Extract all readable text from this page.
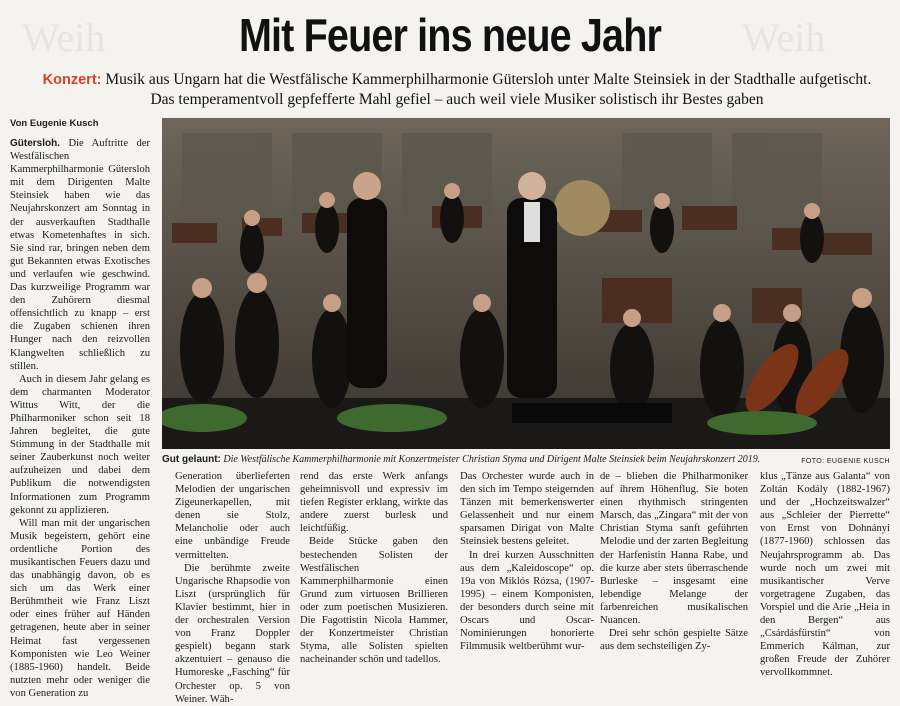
Weih	Weih
Mit Feuer ins neue Jahr
Konzert: Musik aus Ungarn hat die Westfälische Kammerphilharmonie Gütersloh unter Malte Steinsiek in der Stadthalle aufgetischt.
Das temperamentvoll gepfefferte Mahl gefiel – auch weil viele Musiker solistisch ihr Bestes gaben
Von Eugenie Kusch

Gütersloh. Die Auftritte der Westfälischen Kammerphilharmonie Gütersloh mit dem Dirigenten Malte Steinsiek haben wie das Neujahrskonzert am Sonntag in der ausverkauften Stadthalle etwas Kometenhaftes in sich. Sie sind rar, bringen neben dem gut Bekannten etwas Exotisches und verlaufen wie geschwind. Das kurzweilige Programm war den Zuhörern diesmal offensichtlich zu knapp – erst die Zugaben schienen ihren Hunger nach den reizvollen Klangwelten schließlich zu stillen.

Auch in diesem Jahr gelang es dem charmanten Moderator Wittus Witt, der die Philharmoniker schon seit 18 Jahren begleitet, die gute Stimmung in der Stadthalle mit seiner Zauberkunst noch weiter aufzuheizen und dabei dem Publikum die notwendigsten Informationen zum Programm gekonnt zu applizieren.

Will man mit der ungarischen Musik begeistern, gehört eine ordentliche Portion des musikantischen Feuers dazu und das unabhängig davon, ob es sich um das Werk einer Berühmtheit wie Franz Liszt oder eines früher auf Händen getragenen, heute aber in seiner Heimat fast vergessenen Komponisten wie Leo Weiner (1885-1960) handelt. Beide nutzten mehr oder weniger die von Generation zu

Gut gelaunt: Die Westfälische Kammerphilharmonie mit Konzertmeister Christian Styma und Dirigent Malte Steinsiek beim Neujahrskonzert 2019.	FOTO: EUGENIE KUSCH

Generation überlieferten Melodien der ungarischen Zigeunerkapellen, mit denen sie Stolz, Melancholie oder auch eine unbändige Freude vermittelten.

Die berühmte zweite Ungarische Rhapsodie von Liszt (ursprünglich für Klavier bestimmt, hier in der orchestralen Version von Franz Doppler gespielt) begann stark akzentuiert – genauso die Humoreske „Fasching“ für Orchester op. 5 von Weiner. Wäh-

rend das erste Werk anfangs geheimnisvoll und expressiv im tiefen Register erklang, wirkte das andere zuerst burlesk und leichtfüßig.

Beide Stücke gaben den bestechenden Solisten der Westfälischen Kammerphilharmonie einen Grund zum virtuosen Brillieren oder zum poetischen Musizieren. Die Fagottistin Nicola Hammer, der Konzertmeister Christian Styma, alle Solisten spielten nacheinander schön und tadellos.

Das Orchester wurde auch in den sich im Tempo steigernden Tänzen mit bemerkenswerter Gelassenheit und nur einem sparsamen Dirigat von Malte Steinsiek bestens geleitet.

In drei kurzen Ausschnitten aus dem „Kaleidoscope“ op. 19a von Miklós Rózsa, (1907-1995) – einem Komponisten, der besonders durch seine mit Oscars und Oscar-Nominierungen honorierte Filmmusik weltberühmt wur-

de – blieben die Philharmoniker auf ihrem Höhenflug. Sie boten einen rhythmisch stringenten Marsch, das „Zingara“ mit der von Christian Styma sanft geführten Melodie und der zarten Begleitung der Harfenistin Hanna Rabe, und die kurze aber stets überraschende Burleske – insgesamt eine lebendige Melange der farbenreichen musikalischen Nuancen.

Drei sehr schön gespielte Sätze aus dem sechsteiligen Zy-

klus „Tänze aus Galanta“ von Zoltán Kodály (1882-1967) und der „Hochzeitswalzer“ aus „Schleier der Pierrette“ von Ernst von Dohnányi (1877-1960) schlossen das Neujahrsprogramm ab. Das wurde noch um zwei mit musikantischer Verve vorgetragene Zugaben, das Vorspiel und die Arie „Heia in den Bergen“ aus „Csárdásfürstin“ von Emmerich Kálman, zur großen Freude der Zuhörer vervollkommnet.
